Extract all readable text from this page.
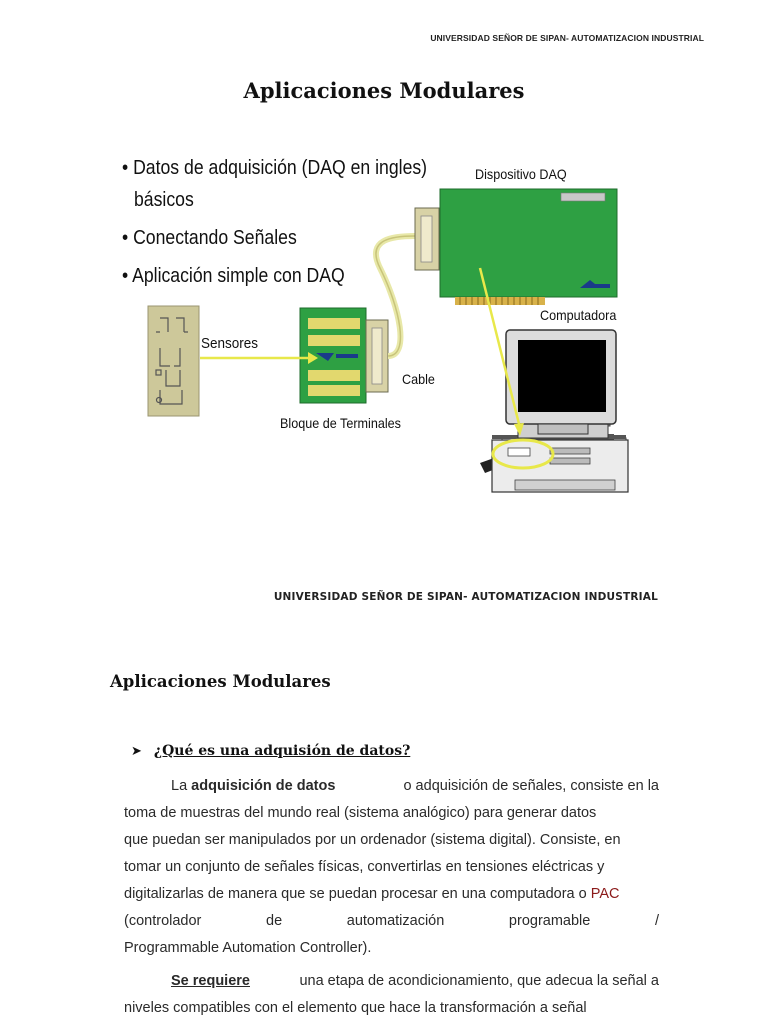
UNIVERSIDAD SEÑOR DE SIPAN- AUTOMATIZACION INDUSTRIAL
Aplicaciones Modulares
• Datos de adquisición (DAQ en ingles)
básicos
• Conectando Señales
• Aplicación simple con DAQ
Dispositivo DAQ
Computadora
Sensores
Cable
Bloque de Terminales
UNIVERSIDAD SEÑOR DE SIPAN- AUTOMATIZACION INDUSTRIAL
Aplicaciones Modulares
➤ ¿Qué es una adquisión de datos?
La adquisición de datos	o adquisición de señales, consiste en la
toma de muestras del mundo real (sistema analógico) para generar datos
que puedan ser manipulados por un ordenador (sistema digital). Consiste, en
tomar un conjunto de señales físicas, convertirlas en tensiones eléctricas y
digitalizarlas de manera que se puedan procesar en una computadora o PAC
(controlador	de	automatización	programable	/
Programmable Automation Controller).
Se requiere	una etapa de acondicionamiento, que adecua la señal a
niveles compatibles con el elemento que hace la transformación a señal
